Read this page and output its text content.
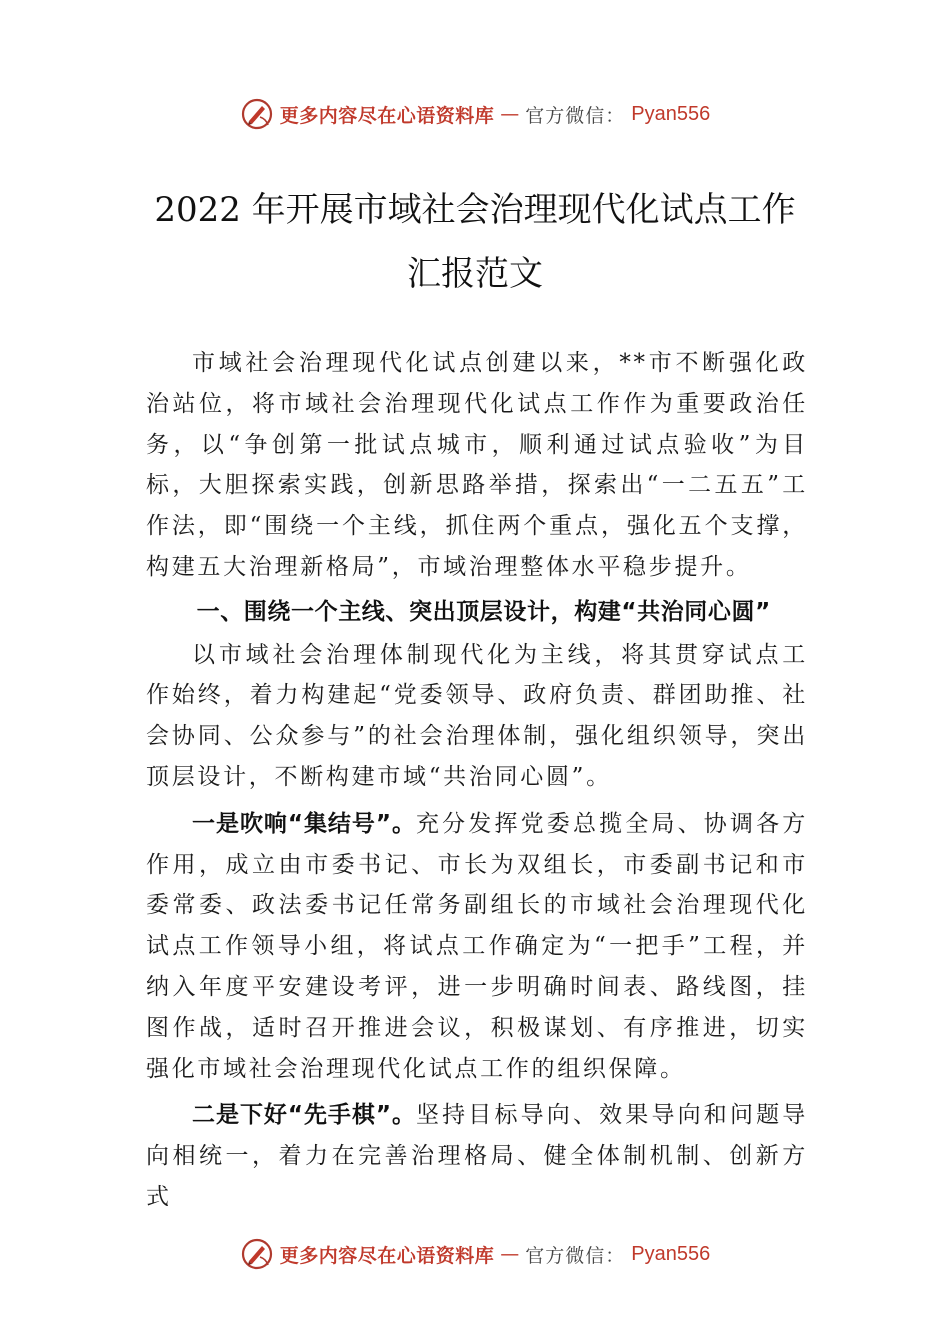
更多内容尽在心语资料库 — 官方微信： Pyan556
2022 年开展市域社会治理现代化试点工作
汇报范文

市域社会治理现代化试点创建以来，**市不断强化政治站位，将市域社会治理现代化试点工作作为重要政治任务，以“争创第一批试点城市，顺利通过试点验收”为目标，大胆探索实践，创新思路举措，探索出“一二五五”工作法，即“围绕一个主线，抓住两个重点，强化五个支撑，构建五大治理新格局”，市域治理整体水平稳步提升。

一、围绕一个主线、突出顶层设计，构建“共治同心圆”

以市域社会治理体制现代化为主线，将其贯穿试点工作始终，着力构建起“党委领导、政府负责、群团助推、社会协同、公众参与”的社会治理体制，强化组织领导，突出顶层设计，不断构建市域“共治同心圆”。

一是吹响“集结号”。充分发挥党委总揽全局、协调各方作用，成立由市委书记、市长为双组长，市委副书记和市委常委、政法委书记任常务副组长的市域社会治理现代化试点工作领导小组，将试点工作确定为“一把手”工程，并纳入年度平安建设考评，进一步明确时间表、路线图，挂图作战，适时召开推进会议，积极谋划、有序推进，切实强化市域社会治理现代化试点工作的组织保障。

二是下好“先手棋”。坚持目标导向、效果导向和问题导向相统一，着力在完善治理格局、健全体制机制、创新方式

更多内容尽在心语资料库 — 官方微信： Pyan556
